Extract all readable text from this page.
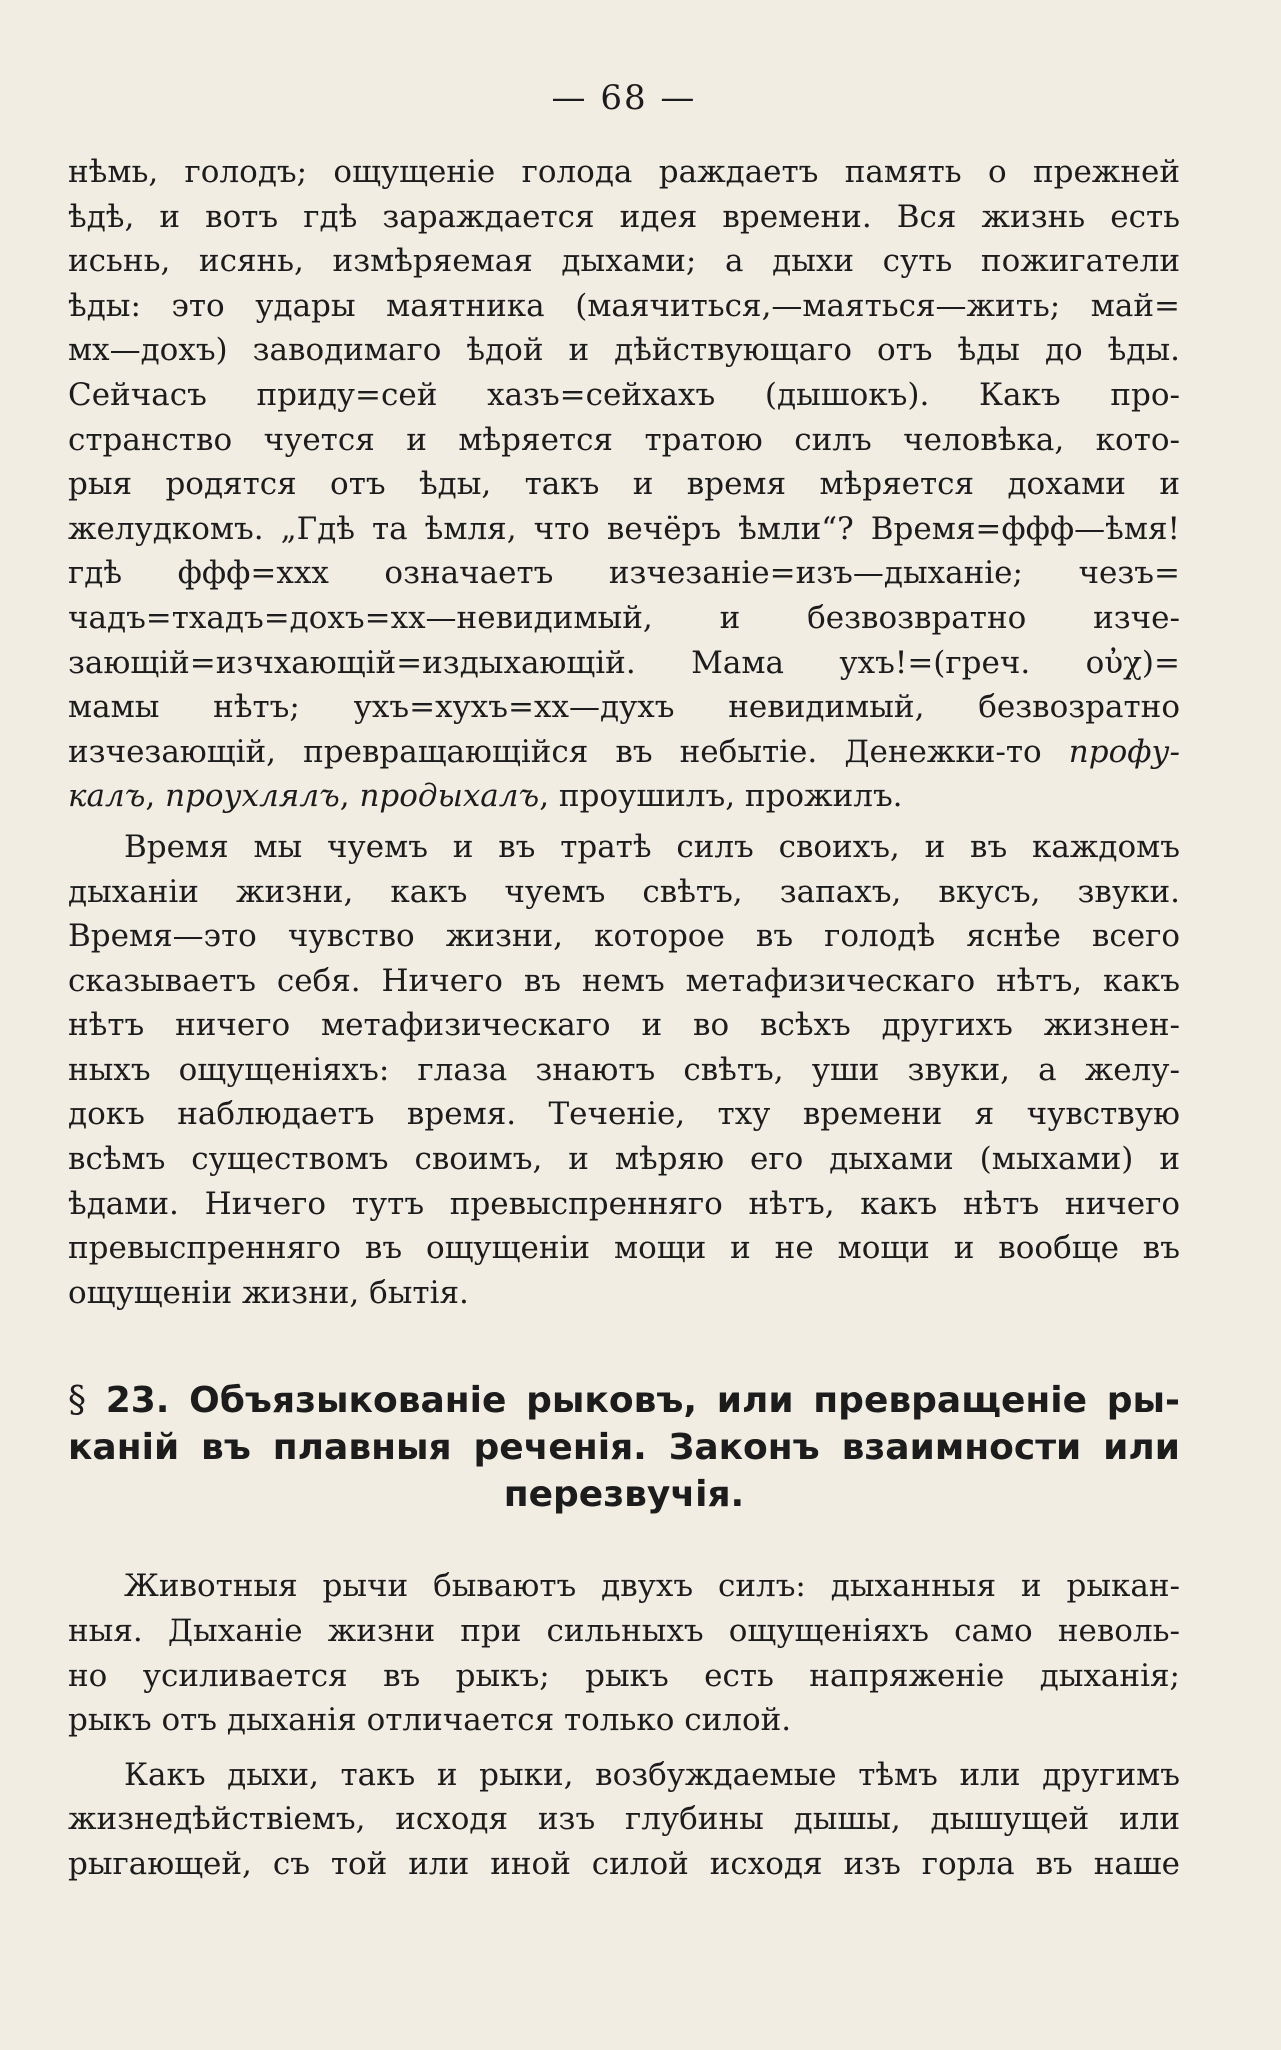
— 68 —
нѣмь, голодъ; ощущеніе голода раждаетъ память о прежней
ѣдѣ, и вотъ гдѣ зараждается идея времени. Вся жизнь есть
исьнь, исянь, измѣряемая дыхами; а дыхи суть пожигатели
ѣды: это удары маятника (маячиться,—маяться—жить; май=
мх—дохъ) заводимаго ѣдой и дѣйствующаго отъ ѣды до ѣды.
Сейчасъ приду=сей хазъ=сейхахъ (дышокъ). Какъ про-
странство чуется и мѣряется тратою силъ человѣка, кото-
рыя родятся отъ ѣды, такъ и время мѣряется дохами и
желудкомъ. „Гдѣ та ѣмля, что вечёръ ѣмли“? Время=ффф—ѣмя!
гдѣ ффф=ххх означаетъ изчезаніе=изъ—дыханіе; чезъ=
чадъ=тхадъ=дохъ=хх—невидимый, и безвозвратно изче-
зающій=изчхающій=издыхающій. Мама ухъ!=(греч. οὐχ)=
мамы нѣтъ; ухъ=хухъ=хх—духъ невидимый, безвозратно
изчезающій, превращающійся въ небытіе. Денежки-то профу-
калъ, проухлялъ, продыхалъ, проушилъ, прожилъ.
Время мы чуемъ и въ тратѣ силъ своихъ, и въ каждомъ
дыханіи жизни, какъ чуемъ свѣтъ, запахъ, вкусъ, звуки.
Время—это чувство жизни, которое въ голодѣ яснѣе всего
сказываетъ себя. Ничего въ немъ метафизическаго нѣтъ, какъ
нѣтъ ничего метафизическаго и во всѣхъ другихъ жизнен-
ныхъ ощущеніяхъ: глаза знаютъ свѣтъ, уши звуки, а желу-
докъ наблюдаетъ время. Теченіе, тху времени я чувствую
всѣмъ существомъ своимъ, и мѣряю его дыхами (мыхами) и
ѣдами. Ничего тутъ превыспренняго нѣтъ, какъ нѣтъ ничего
превыспренняго въ ощущеніи мощи и не мощи и вообще въ
ощущеніи жизни, бытія.
§ 23. Объязыкованіе рыковъ, или превращеніе ры-
каній въ плавныя реченія. Законъ взаимности или
перезвучія.
Животныя рычи бываютъ двухъ силъ: дыханныя и рыкан-
ныя. Дыханіе жизни при сильныхъ ощущеніяхъ само неволь-
но усиливается въ рыкъ; рыкъ есть напряженіе дыханія;
рыкъ отъ дыханія отличается только силой.
Какъ дыхи, такъ и рыки, возбуждаемые тѣмъ или другимъ
жизнедѣйствіемъ, исходя изъ глубины дышы, дышущей или
рыгающей, съ той или иной силой исходя изъ горла въ наше
